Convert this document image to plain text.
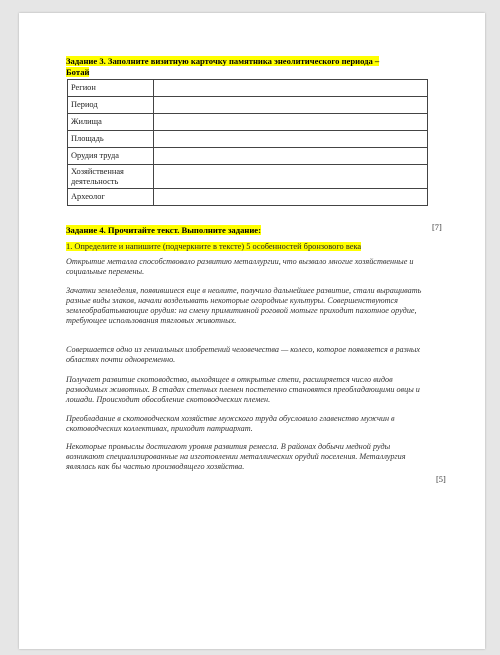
Задание 3. Заполните визитную карточку памятника энеолитического периода –
Ботай
Регион	
Период	
Жилища	
Площадь	
Орудия труда	
Хозяйственная деятельность	
Археолог	
[7]
Задание 4. Прочитайте текст. Выполните задание:
1. Определите и напишите (подчеркните в тексте) 5 особенностей бронзового века

Открытие металла способствовало развитию металлургии, что вызвало многие хозяйственные и социальные перемены.

Зачатки земледелия, появившиеся еще в неолите, получило дальнейшее развитие, стали выращивать разные виды злаков, начали возделывать некоторые огородные культуры. Совершенствуются землеобрабатывающие орудия: на смену примитивной роговой мотыге приходит пахотное орудие, требующее использования тягловых животных.

Совершается одно из гениальных изобретений человечества — колесо, которое появляется в разных областях почти одновременно.

Получает развитие скотоводство, выходящее в открытые степи, расширяется число видов разводимых животных. В стадах степных племен постепенно становятся преобладающими овцы и лошади. Происходит обособление скотоводческих племен.

Преобладание в скотоводческом хозяйстве мужского труда обусловило главенство мужчин в скотоводческих коллективах, приходит патриархат.

Некоторые промыслы достигают уровня развития ремесла. В районах добычи медной руды возникают специализированные на изготовлении металлических орудий поселения. Металлургия являлась как бы частью производящего хозяйства.

[5]
